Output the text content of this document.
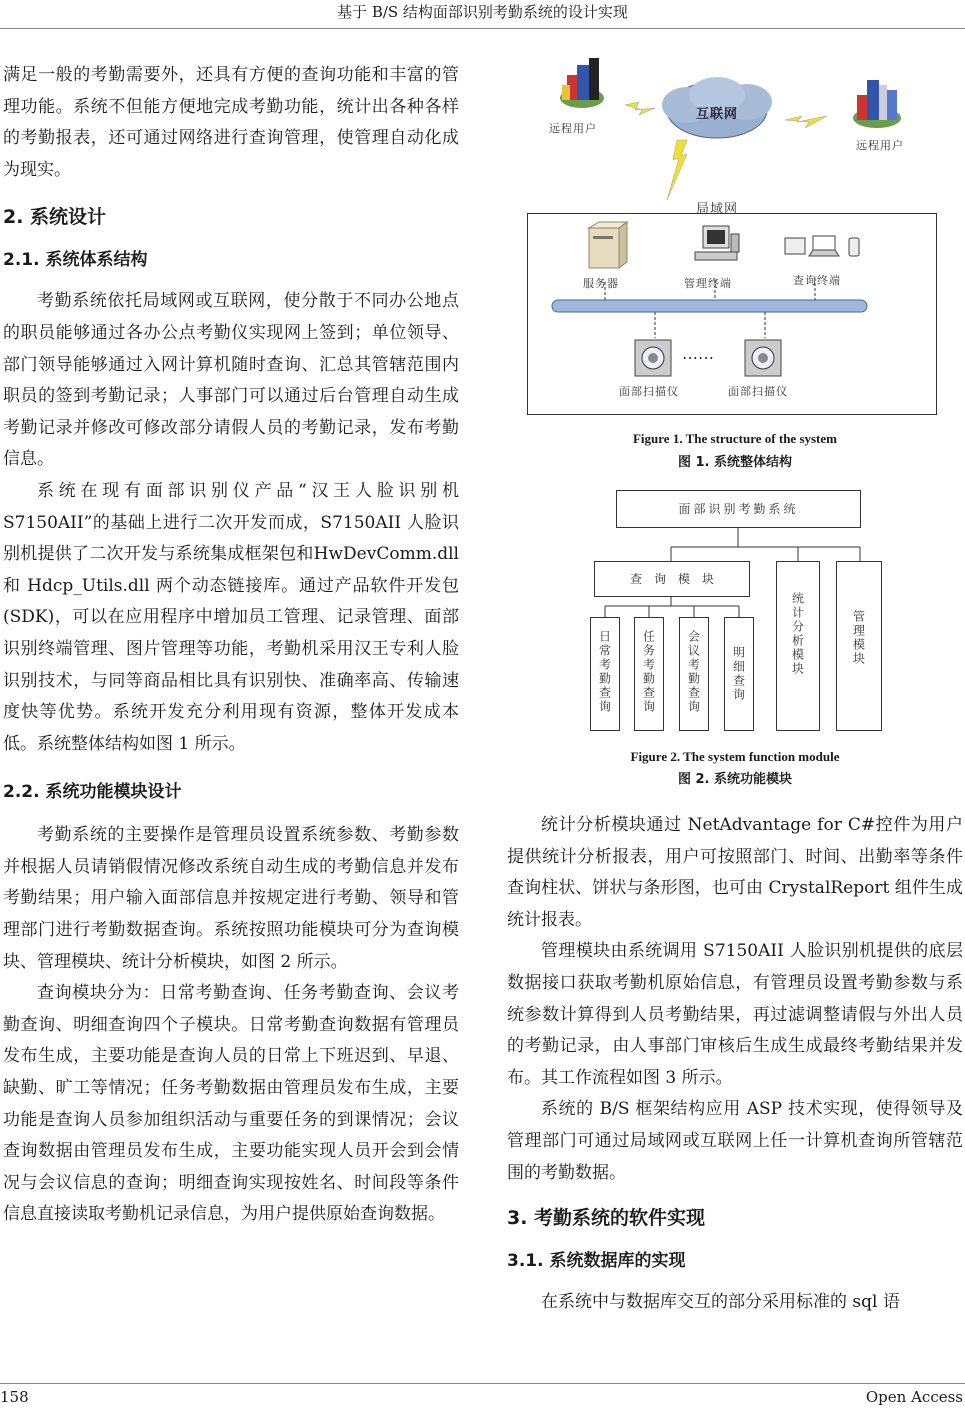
基于 B/S 结构面部识别考勤系统的设计实现

满足一般的考勤需要外，还具有方便的查询功能和丰富的管理功能。系统不但能方便地完成考勤功能，统计出各种各样的考勤报表，还可通过网络进行查询管理，使管理自动化成为现实。

2. 系统设计
2.1. 系统体系结构

考勤系统依托局域网或互联网，使分散于不同办公地点的职员能够通过各办公点考勤仪实现网上签到；单位领导、部门领导能够通过入网计算机随时查询、汇总其管辖范围内职员的签到考勤记录；人事部门可以通过后台管理自动生成考勤记录并修改可修改部分请假人员的考勤记录，发布考勤信息。

系统在现有面部识别仪产品“汉王人脸识别机S7150AII”的基础上进行二次开发而成，S7150AII 人脸识别机提供了二次开发与系统集成框架包和HwDevComm.dll 和 Hdcp_Utils.dll 两个动态链接库。通过产品软件开发包(SDK)，可以在应用程序中增加员工管理、记录管理、面部识别终端管理、图片管理等功能，考勤机采用汉王专利人脸识别技术，与同等商品相比具有识别快、准确率高、传输速度快等优势。系统开发充分利用现有资源，整体开发成本低。系统整体结构如图 1 所示。

2.2. 系统功能模块设计

考勤系统的主要操作是管理员设置系统参数、考勤参数并根据人员请销假情况修改系统自动生成的考勤信息并发布考勤结果；用户输入面部信息并按规定进行考勤、领导和管理部门进行考勤数据查询。系统按照功能模块可分为查询模块、管理模块、统计分析模块，如图 2 所示。

查询模块分为：日常考勤查询、任务考勤查询、会议考勤查询、明细查询四个子模块。日常考勤查询数据有管理员发布生成，主要功能是查询人员的日常上下班迟到、早退、缺勤、旷工等情况；任务考勤数据由管理员发布生成，主要功能是查询人员参加组织活动与重要任务的到课情况；会议查询数据由管理员发布生成，主要功能实现人员开会到会情况与会议信息的查询；明细查询实现按姓名、时间段等条件信息直接读取考勤机记录信息，为用户提供原始查询数据。

远程用户
远程用户
互联网
局域网
服务器	管理终端	查询终端
……
面部扫描仪	面部扫描仪
Figure 1. The structure of the system
图 1. 系统整体结构
面部识别考勤系统
查　询　模　块
统计分析模块	管理模块
日常考勤查询	任务考勤查询	会议考勤查询	明细查询
Figure 2. The system function module
图 2. 系统功能模块

统计分析模块通过 NetAdvantage for C#控件为用户提供统计分析报表，用户可按照部门、时间、出勤率等条件查询柱状、饼状与条形图，也可由 CrystalReport 组件生成统计报表。

管理模块由系统调用 S7150AII 人脸识别机提供的底层数据接口获取考勤机原始信息，有管理员设置考勤参数与系统参数计算得到人员考勤结果，再过滤调整请假与外出人员的考勤记录，由人事部门审核后生成生成最终考勤结果并发布。其工作流程如图 3 所示。

系统的 B/S 框架结构应用 ASP 技术实现，使得领导及管理部门可通过局域网或互联网上任一计算机查询所管辖范围的考勤数据。

3. 考勤系统的软件实现
3.1. 系统数据库的实现

在系统中与数据库交互的部分采用标准的 sql 语

158	Open Access
